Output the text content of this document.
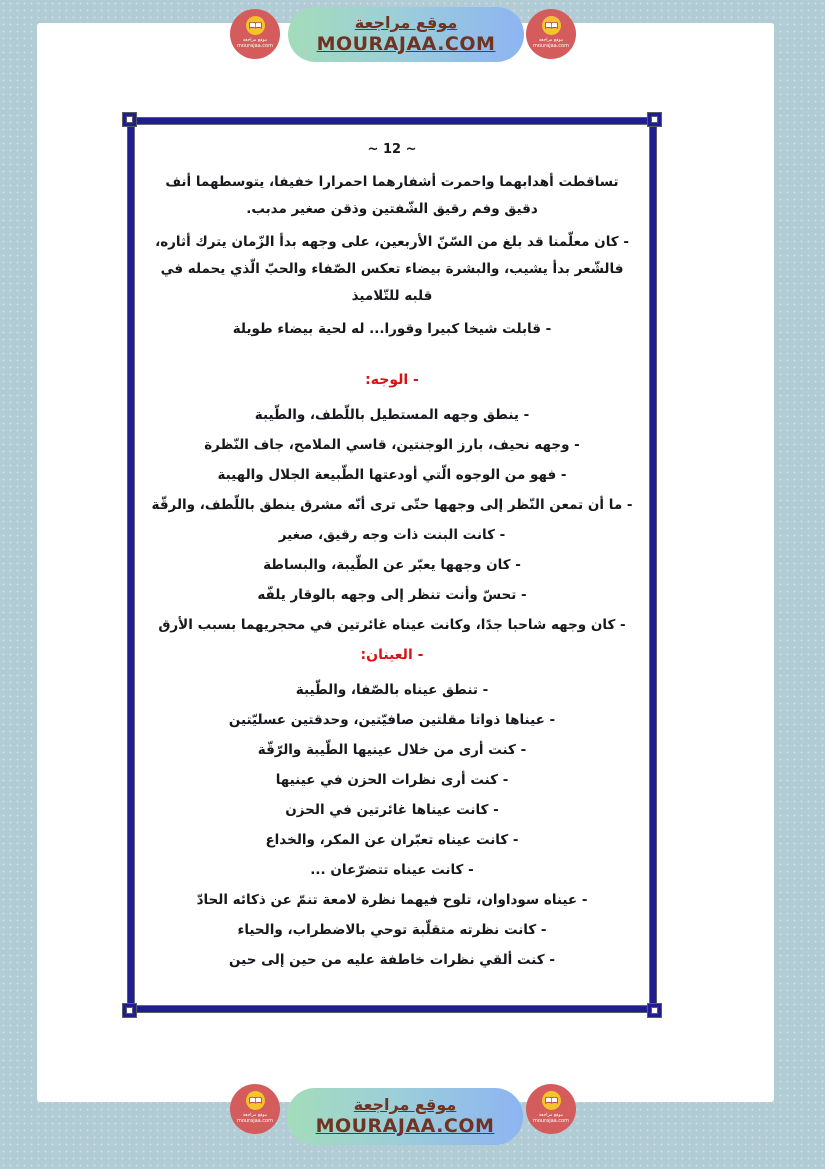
موقع مراجعة
mourajaa.com
موقع مراجعة
MOURAJAA.COM	موقع مراجعة
mourajaa.com
~ 12 ~

تساقطت أهدابهما واحمرت أشفارهما احمرارا خفيفا، يتوسطهما أنف دقيق وفم رقيق الشّفتين وذقن صغير مدبب.

- كان معلّمنا قد بلغ من السّنّ الأربعين، على وجهه بدأ الزّمان يترك أثاره، فالشّعر بدأ يشيب، والبشرة بيضاء تعكس الصّفاء والحبّ الّذي يحمله في قلبه للتّلاميذ

- قابلت شيخا كبيرا وقورا... له لحية بيضاء طويلة

- الوجه:
- ينطق وجهه المستطيل باللّطف، والطّيبة
- وجهه نحيف، بارز الوجنتين، قاسي الملامح، جاف النّظرة
- فهو من الوجوه الّتي أودعتها الطّبيعة الجلال والهيبة
- ما أن تمعن النّظر إلى وجهها حتّى ترى أنّه مشرق ينطق باللّطف، والرقّة
- كانت البنت ذات وجه رقيق، صغير
- كان وجهها يعبّر عن الطّيبة، والبساطة
- تحسّ وأنت تنظر إلى وجهه بالوقار يلفّه
- كان وجهه شاحبا جدًا، وكانت عيناه غائرتين في محجريهما بسبب الأرق
- العينان:
- تنطق عيناه بالصّفا، والطّيبة
- عيناها ذواتا مقلتين صافيّتين، وحدقتين عسليّتين
- كنت أرى من خلال عينيها الطّيبة والرّقّة
- كنت أرى نظرات الحزن في عينيها
- كانت عيناها غائرتين في الحزن
- كانت عيناه تعبّران عن المكر، والخداع
- كانت عيناه تتضرّعان ...
- عيناه سوداوان، تلوح فيهما نظرة لامعة تنمّ عن ذكائه الحادّ
- كانت نظرته متقلّبة توحي بالاضطراب، والحياء
- كنت ألقي نظرات خاطفة عليه من حين إلى حين
موقع مراجعة
mourajaa.com
موقع مراجعة
MOURAJAA.COM	موقع مراجعة
mourajaa.com
